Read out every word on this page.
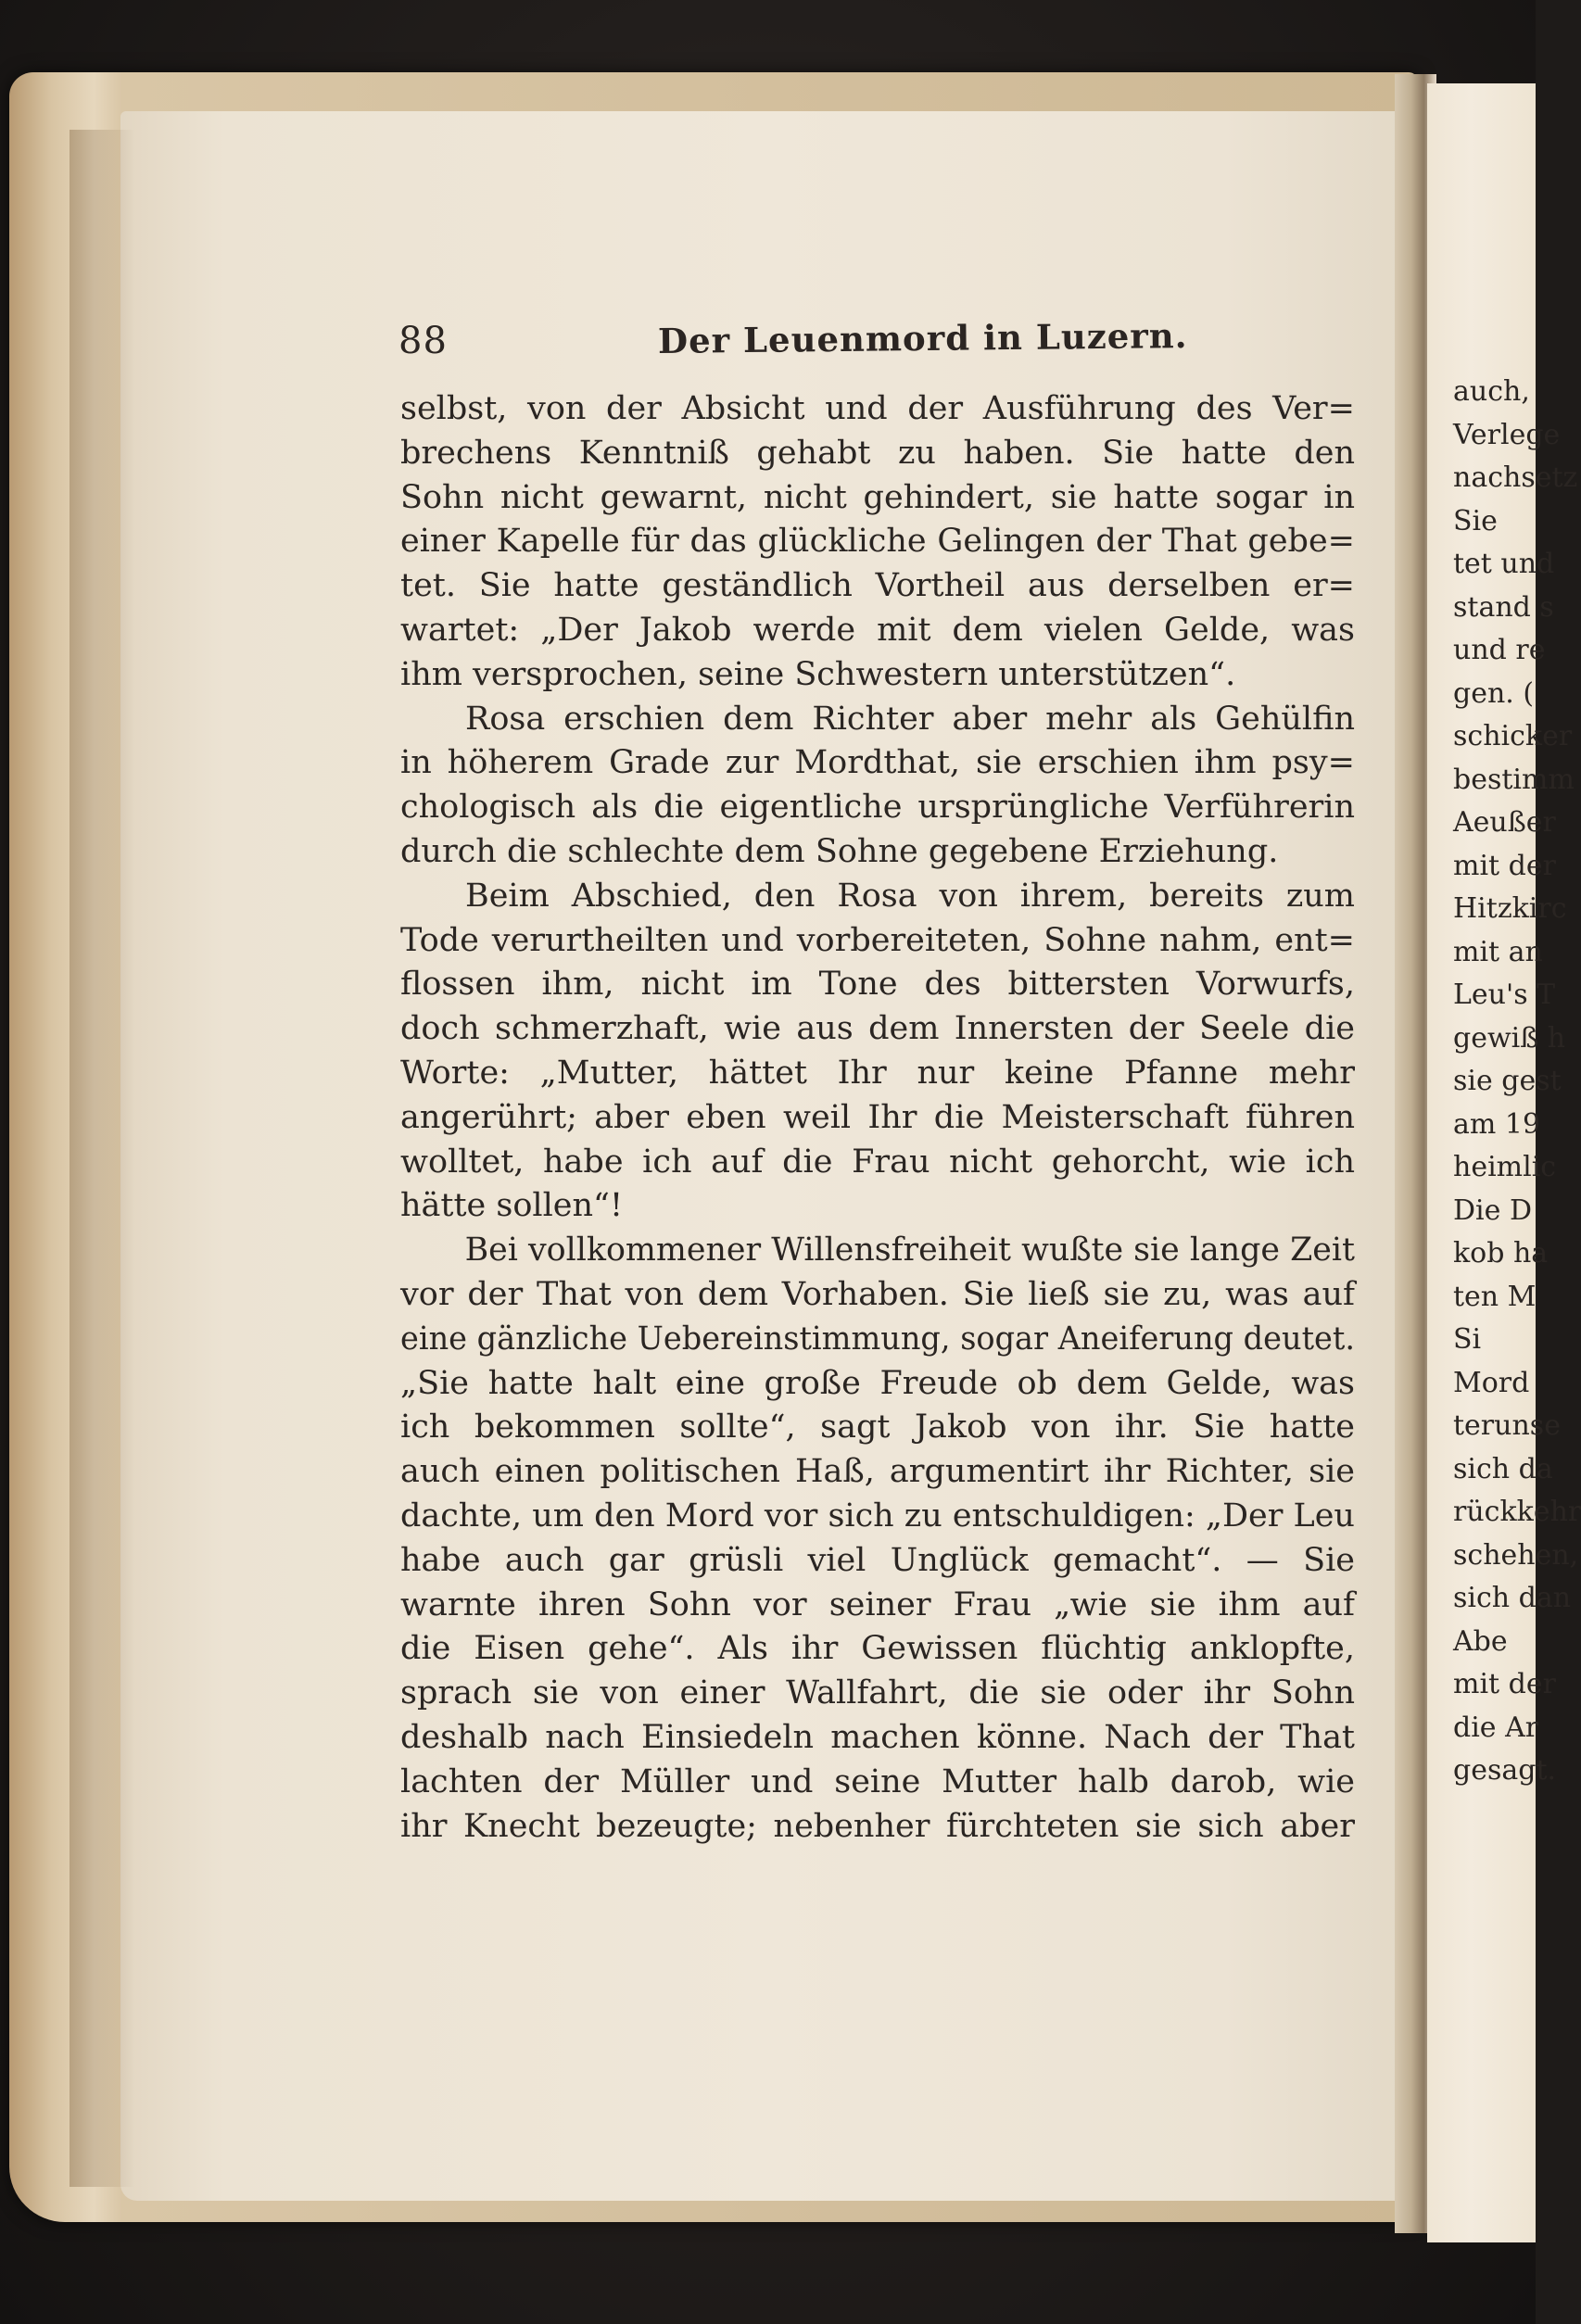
88	Der Leuenmord in Luzern.
selbst, von der Absicht und der Ausführung des Ver=
brechens Kenntniß gehabt zu haben. Sie hatte den
Sohn nicht gewarnt, nicht gehindert, sie hatte sogar in
einer Kapelle für das glückliche Gelingen der That gebe=
tet. Sie hatte geständlich Vortheil aus derselben er=
wartet: „Der Jakob werde mit dem vielen Gelde, was
ihm versprochen, seine Schwestern unterstützen“.
Rosa erschien dem Richter aber mehr als Gehülfin
in höherem Grade zur Mordthat, sie erschien ihm psy=
chologisch als die eigentliche ursprüngliche Verführerin
durch die schlechte dem Sohne gegebene Erziehung.
Beim Abschied, den Rosa von ihrem, bereits zum
Tode verurtheilten und vorbereiteten, Sohne nahm, ent=
flossen ihm, nicht im Tone des bittersten Vorwurfs,
doch schmerzhaft, wie aus dem Innersten der Seele die
Worte: „Mutter, hättet Ihr nur keine Pfanne mehr
angerührt; aber eben weil Ihr die Meisterschaft führen
wolltet, habe ich auf die Frau nicht gehorcht, wie ich
hätte sollen“!
Bei vollkommener Willensfreiheit wußte sie lange Zeit
vor der That von dem Vorhaben. Sie ließ sie zu, was auf
eine gänzliche Uebereinstimmung, sogar Aneiferung deutet.
„Sie hatte halt eine große Freude ob dem Gelde, was
ich bekommen sollte“, sagt Jakob von ihr. Sie hatte
auch einen politischen Haß, argumentirt ihr Richter, sie
dachte, um den Mord vor sich zu entschuldigen: „Der Leu
habe auch gar grüsli viel Unglück gemacht“. — Sie
warnte ihren Sohn vor seiner Frau „wie sie ihm auf
die Eisen gehe“. Als ihr Gewissen flüchtig anklopfte,
sprach sie von einer Wallfahrt, die sie oder ihr Sohn
deshalb nach Einsiedeln machen könne. Nach der That
lachten der Müller und seine Mutter halb darob, wie
ihr Knecht bezeugte; nebenher fürchteten sie sich aber
auch,
Verlege
nachsetz
Sie
tet und
stand s
und re
gen. (
schicker
bestimm
Aeußer
mit der
Hitzkirc
mit an
Leu's T
gewiß h
sie gest
am 19
heimlic
Die D
kob ha
ten M
Si
Mord
terunse
sich da
rückkehr
schehen,
sich dan
Abe
mit der
die Ar
gesagt.
